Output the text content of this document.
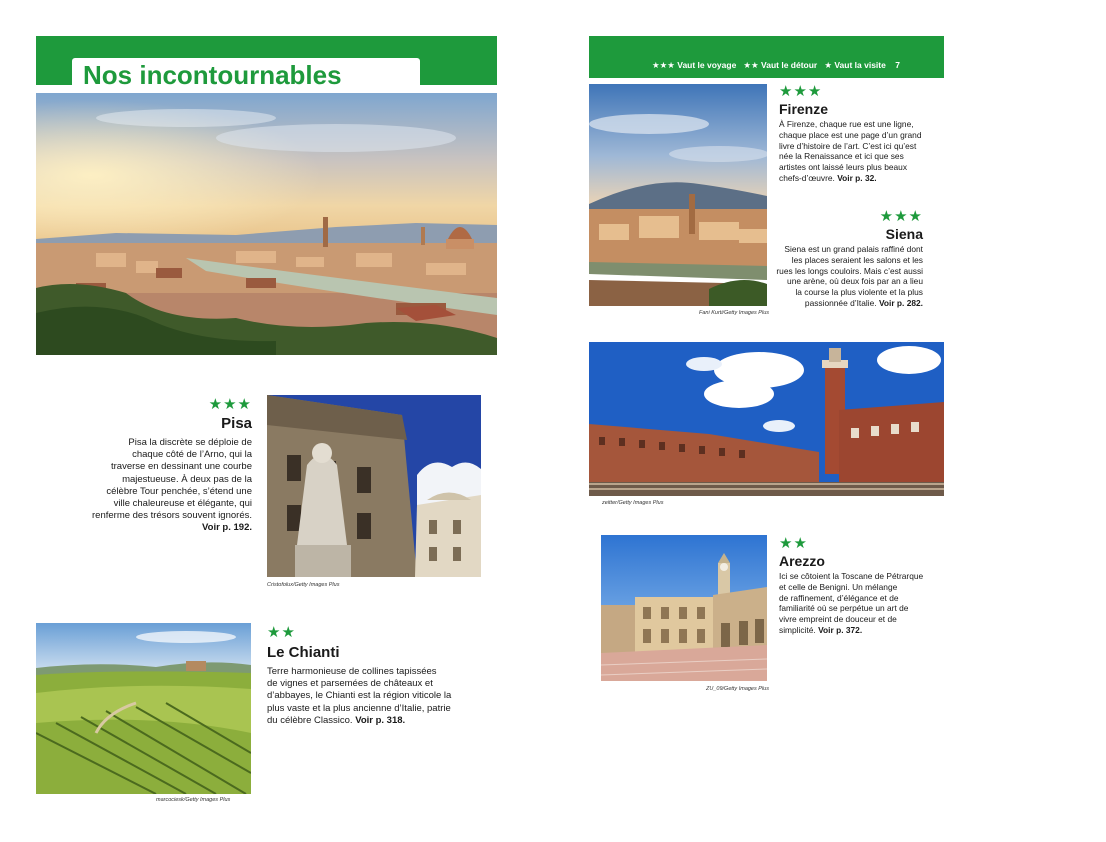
Nos incontournables
★★★
Pisa
Pisa la discrète se déploie de
chaque côté de l’Arno, qui la
traverse en dessinant une courbe
majestueuse. À deux pas de la
célèbre Tour penchée, s’étend une
ville chaleureuse et élégante, qui
renferme des trésors souvent ignorés.
Voir p. 192.
Cristofolux/Getty Images Plus
marcociesk/Getty Images Plus
★★
Le Chianti
Terre harmonieuse de collines tapissées
de vignes et parsemées de châteaux et
d’abbayes, le Chianti est la région viticole la
plus vaste et la plus ancienne d’Italie, patrie
du célèbre Classico. Voir p. 318.
★★★ Vaut le voyage ★★ Vaut le détour ★ Vaut la visite 7
Fani Kurti/Getty Images Plus
★★★
Firenze
À Firenze, chaque rue est une ligne,
chaque place est une page d’un grand
livre d’histoire de l’art. C’est ici qu’est
née la Renaissance et ici que ses
artistes ont laissé leurs plus beaux
chefs-d’œuvre. Voir p. 32.
★★★
Siena
Siena est un grand palais raffiné dont
les places seraient les salons et les
rues les longs couloirs. Mais c’est aussi
une arène, où deux fois par an a lieu
la course la plus violente et la plus
passionnée d’Italie. Voir p. 282.
zeitter/Getty Images Plus
ZU_09/Getty Images Plus
★★
Arezzo
Ici se côtoient la Toscane de Pétrarque
et celle de Benigni. Un mélange
de raffinement, d’élégance et de
familiarité où se perpétue un art de
vivre empreint de douceur et de
simplicité. Voir p. 372.
